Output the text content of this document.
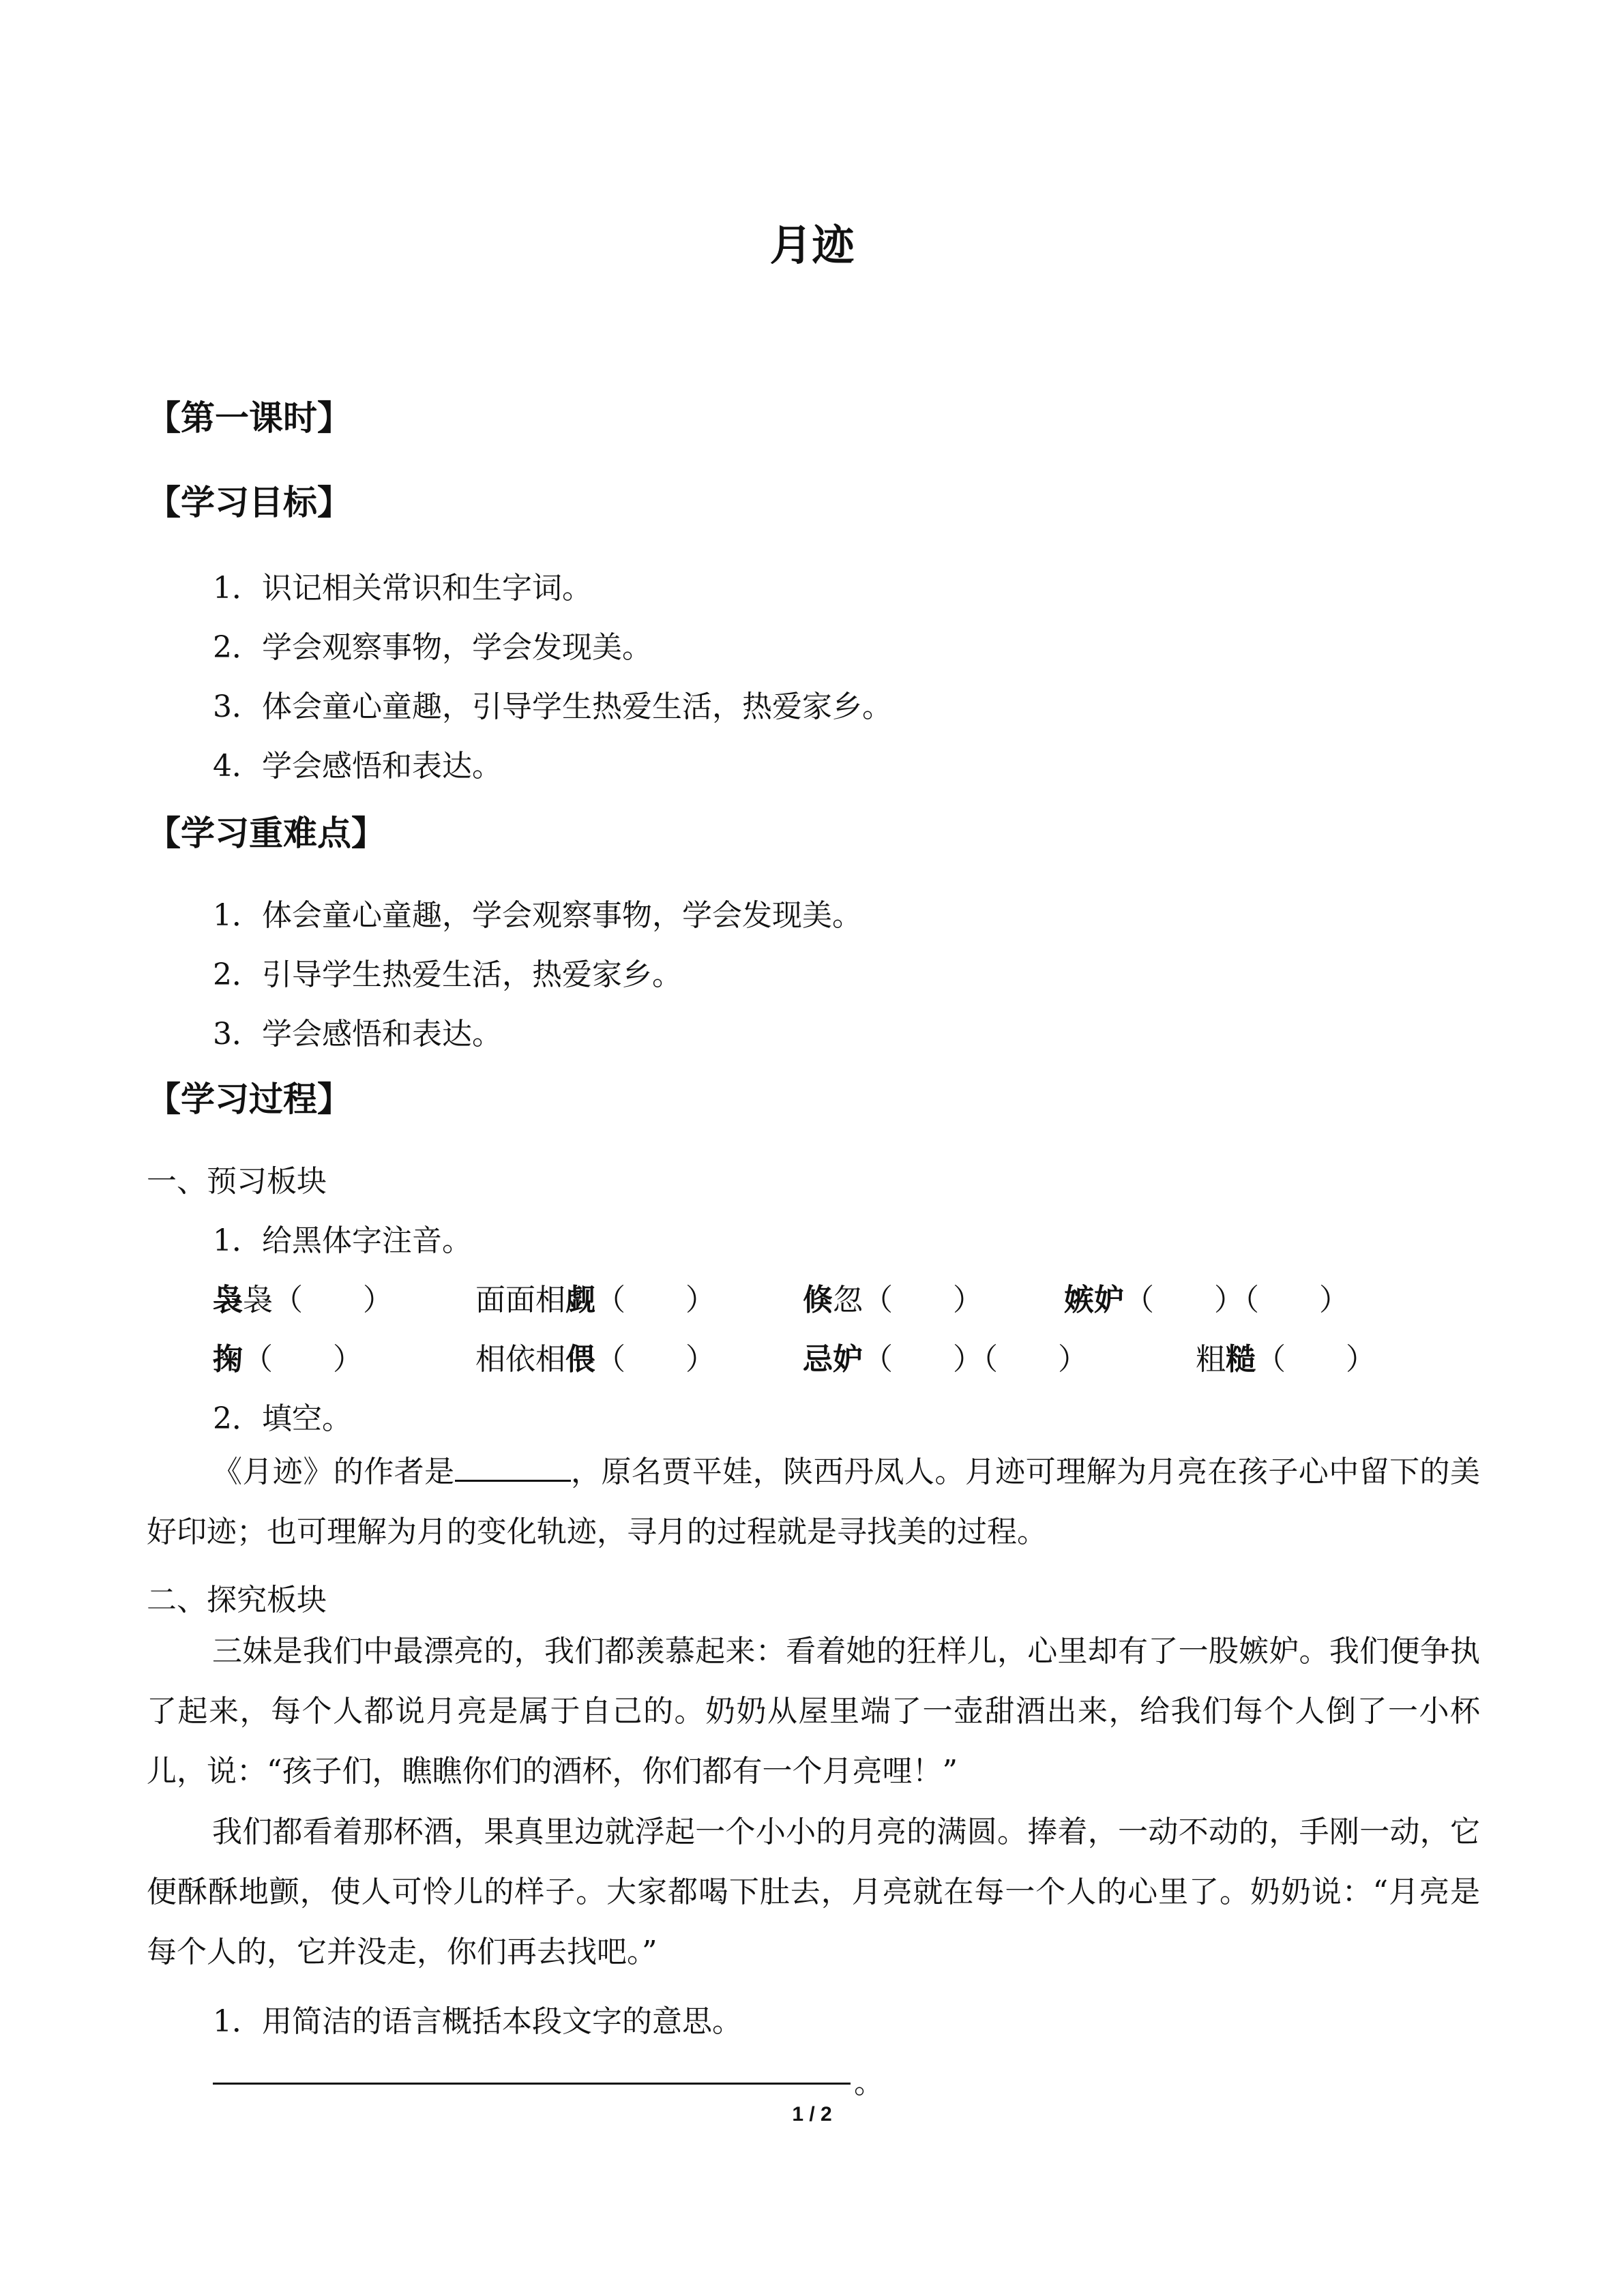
月迹
【第一课时】
【学习目标】
1．识记相关常识和生字词。
2．学会观察事物，学会发现美。
3．体会童心童趣，引导学生热爱生活，热爱家乡。
4．学会感悟和表达。
【学习重难点】
1．体会童心童趣，学会观察事物，学会发现美。
2．引导学生热爱生活，热爱家乡。
3．学会感悟和表达。
【学习过程】
一、预习板块
1．给黑体字注音。
袅袅（　　）	面面相觑（　　）	倏忽（　　）	嫉妒（　　）（　　）
掬（　　）	相依相偎（　　）	忌妒（　　）（　　）	粗糙（　　）
2．填空。
《月迹》的作者是	，原名贾平娃，陕西丹凤人。月迹可理解为月亮在孩子心中留下的美好印迹；也可理解为月的变化轨迹，寻月的过程就是寻找美的过程。
二、探究板块
三妹是我们中最漂亮的，我们都羡慕起来：看着她的狂样儿，心里却有了一股嫉妒。我们便争执了起来，每个人都说月亮是属于自己的。奶奶从屋里端了一壶甜酒出来，给我们每个人倒了一小杯儿，说：“孩子们，瞧瞧你们的酒杯，你们都有一个月亮哩！”
我们都看着那杯酒，果真里边就浮起一个小小的月亮的满圆。捧着，一动不动的，手刚一动，它便酥酥地颤，使人可怜儿的样子。大家都喝下肚去，月亮就在每一个人的心里了。奶奶说：“月亮是每个人的，它并没走，你们再去找吧。”
1．用简洁的语言概括本段文字的意思。
。
1 / 2
